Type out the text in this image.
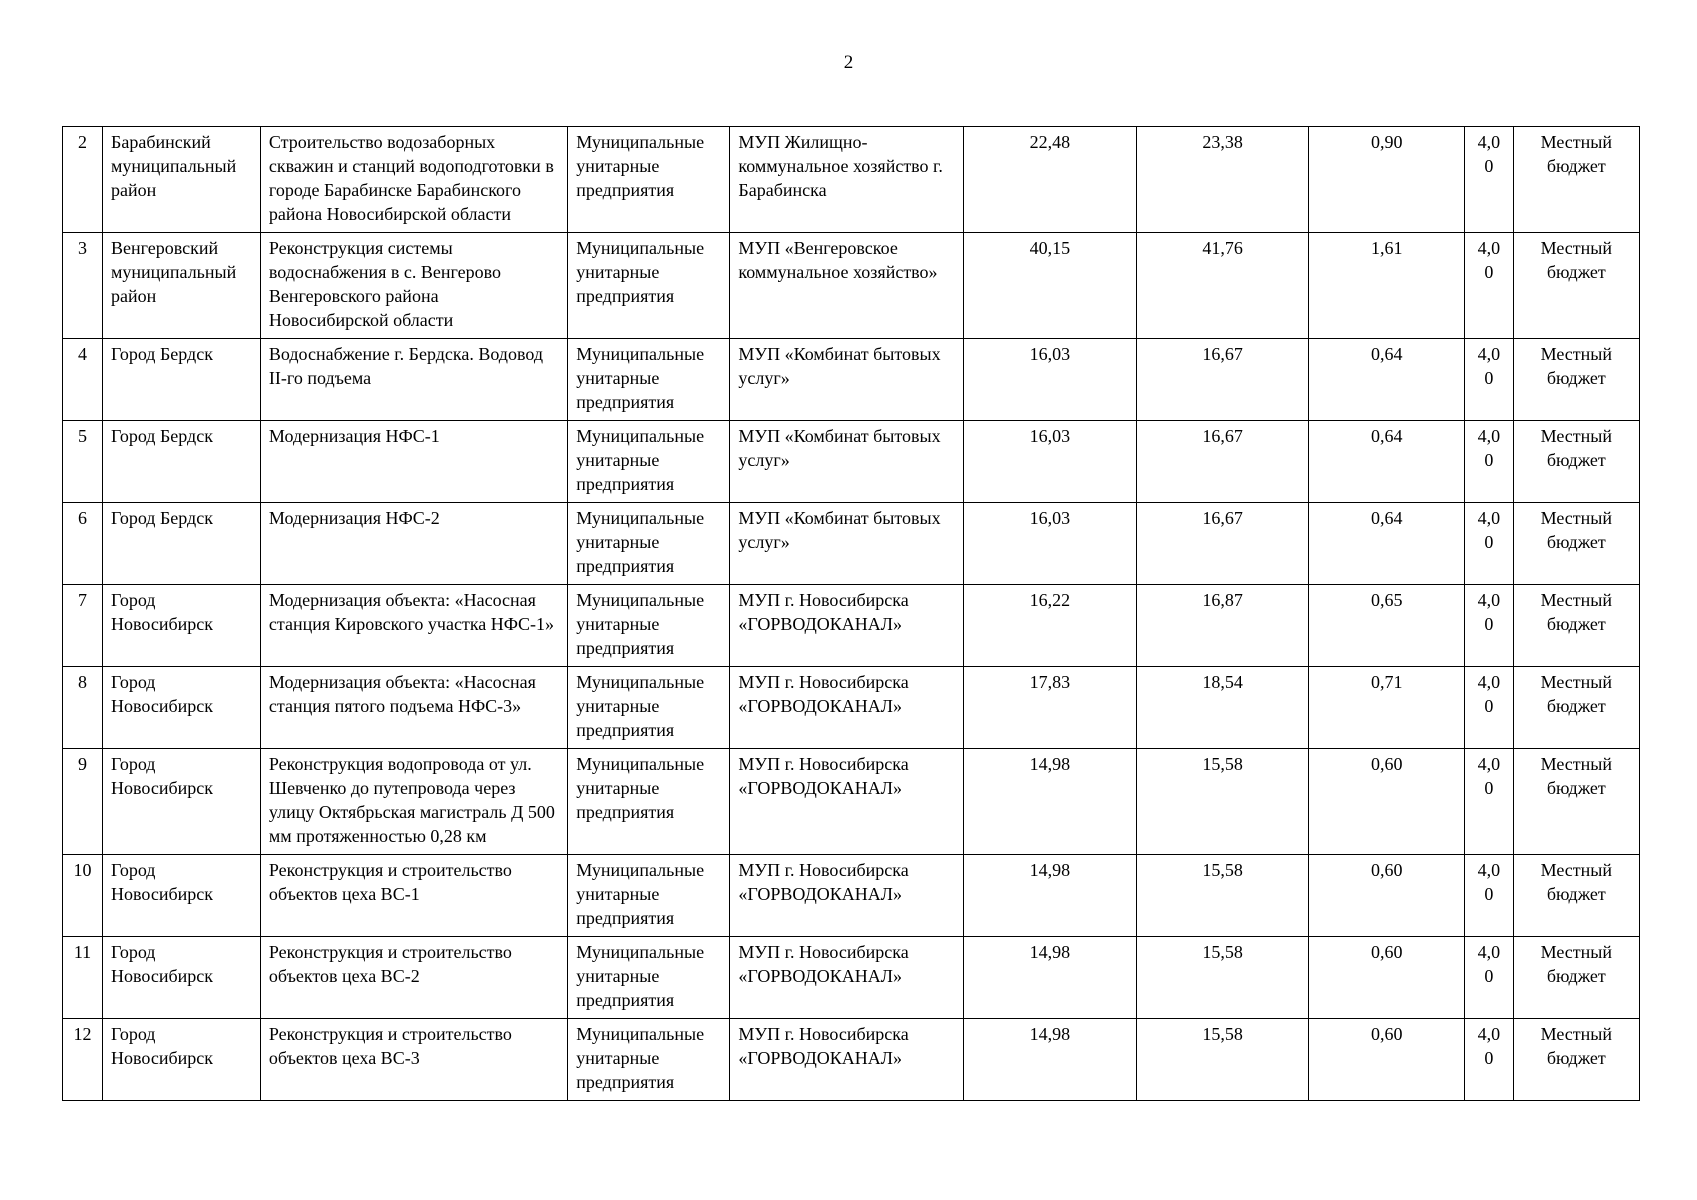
2
2	Барабинский муниципальный район	Строительство водозаборных скважин и станций водоподготовки в городе Барабинске Барабинского района Новосибирской области	Муниципальные унитарные предприятия	МУП Жилищно-коммунальное хозяйство г. Барабинска	22,48	23,38	0,90	4,00	Местный бюджет
3	Венгеровский муниципальный район	Реконструкция системы водоснабжения в с. Венгерово Венгеровского района Новосибирской области	Муниципальные унитарные предприятия	МУП «Венгеровское коммунальное хозяйство»	40,15	41,76	1,61	4,00	Местный бюджет
4	Город Бердск	Водоснабжение г. Бердска. Водовод II-го подъема	Муниципальные унитарные предприятия	МУП «Комбинат бытовых услуг»	16,03	16,67	0,64	4,00	Местный бюджет
5	Город Бердск	Модернизация НФС-1	Муниципальные унитарные предприятия	МУП «Комбинат бытовых услуг»	16,03	16,67	0,64	4,00	Местный бюджет
6	Город Бердск	Модернизация НФС-2	Муниципальные унитарные предприятия	МУП «Комбинат бытовых услуг»	16,03	16,67	0,64	4,00	Местный бюджет
7	Город Новосибирск	Модернизация объекта: «Насосная станция Кировского участка НФС-1»	Муниципальные унитарные предприятия	МУП г. Новосибирска «ГОРВОДОКАНАЛ»	16,22	16,87	0,65	4,00	Местный бюджет
8	Город Новосибирск	Модернизация объекта: «Насосная станция пятого подъема НФС-3»	Муниципальные унитарные предприятия	МУП г. Новосибирска «ГОРВОДОКАНАЛ»	17,83	18,54	0,71	4,00	Местный бюджет
9	Город Новосибирск	Реконструкция водопровода от ул. Шевченко до путепровода через улицу Октябрьская магистраль Д 500 мм протяженностью 0,28 км	Муниципальные унитарные предприятия	МУП г. Новосибирска «ГОРВОДОКАНАЛ»	14,98	15,58	0,60	4,00	Местный бюджет
10	Город Новосибирск	Реконструкция и строительство объектов цеха ВС-1	Муниципальные унитарные предприятия	МУП г. Новосибирска «ГОРВОДОКАНАЛ»	14,98	15,58	0,60	4,00	Местный бюджет
11	Город Новосибирск	Реконструкция и строительство объектов цеха ВС-2	Муниципальные унитарные предприятия	МУП г. Новосибирска «ГОРВОДОКАНАЛ»	14,98	15,58	0,60	4,00	Местный бюджет
12	Город Новосибирск	Реконструкция и строительство объектов цеха ВС-3	Муниципальные унитарные предприятия	МУП г. Новосибирска «ГОРВОДОКАНАЛ»	14,98	15,58	0,60	4,00	Местный бюджет
